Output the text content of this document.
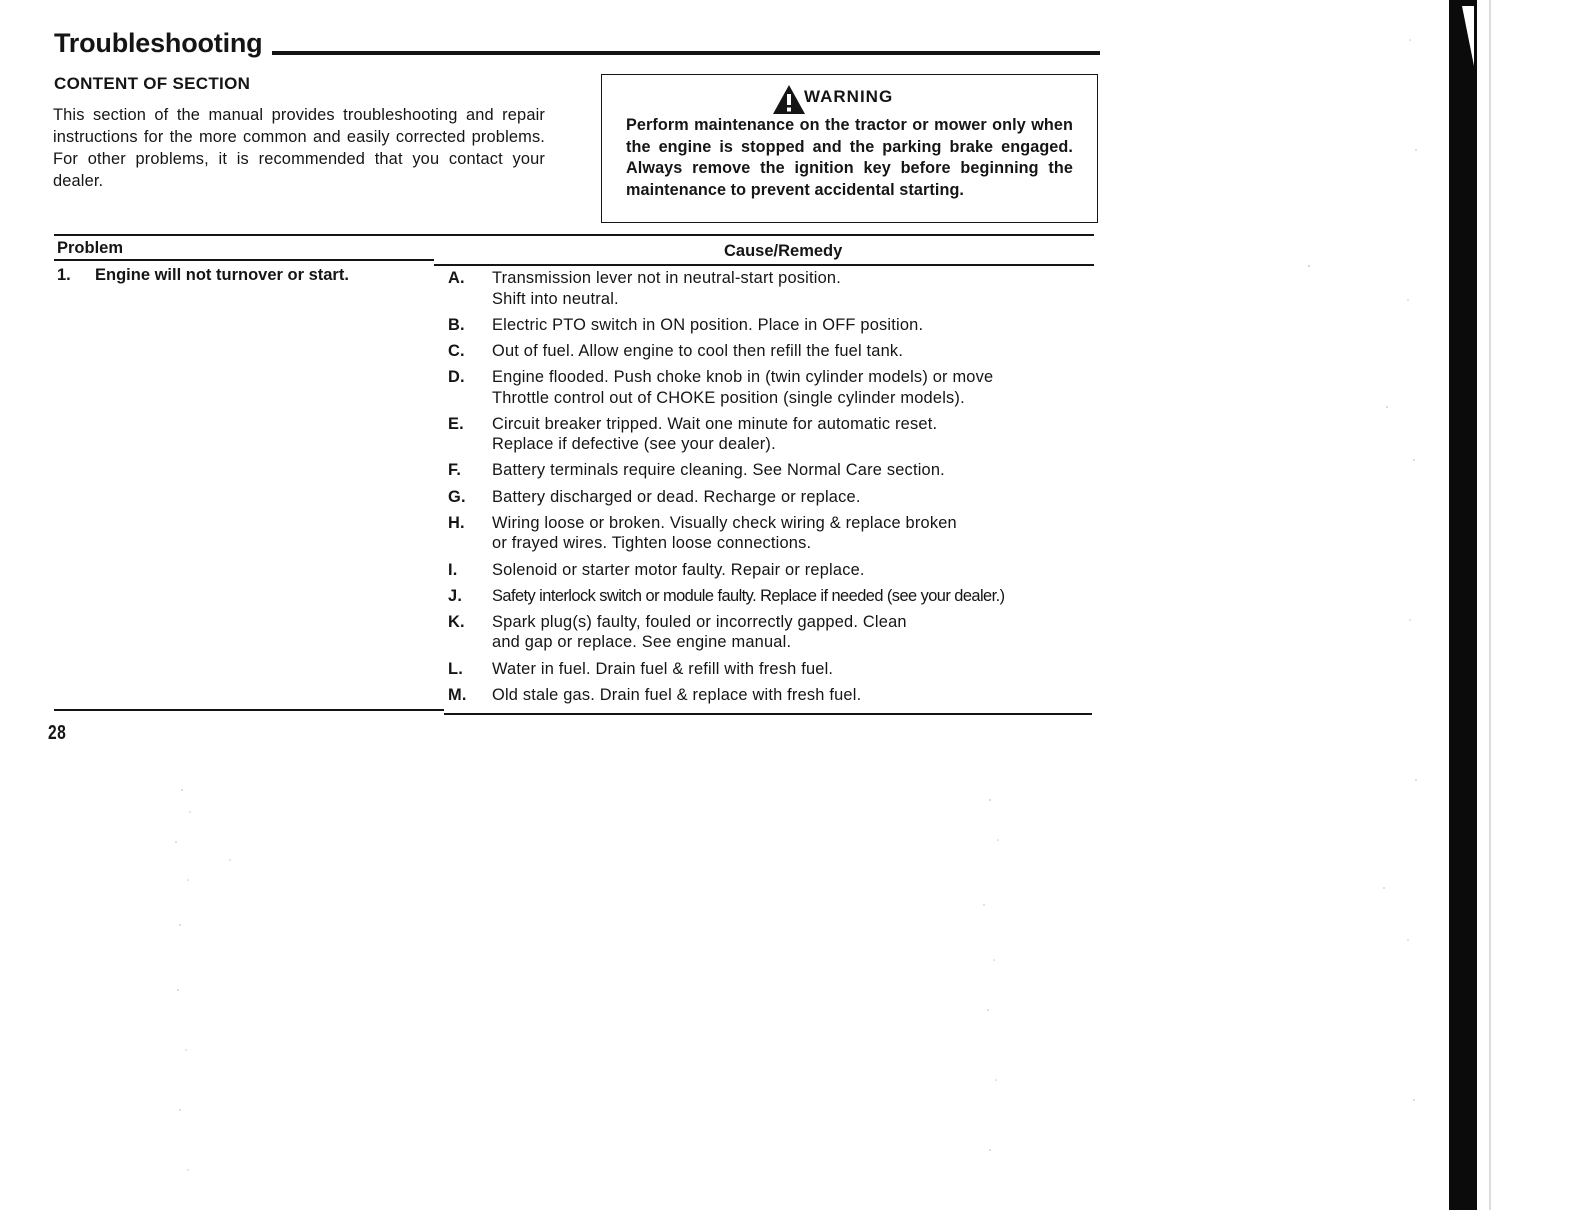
Troubleshooting
CONTENT OF SECTION
This section of the manual provides troubleshooting and repair instructions for the more common and easily corrected problems. For other problems, it is recommended that you contact your dealer.
WARNING
Perform maintenance on the tractor or mower only when the engine is stopped and the parking brake engaged. Always remove the ignition key before beginning the maintenance to prevent accidental starting.
Problem	Cause/Remedy
1.	Engine will not turnover or start.	A.	Transmission lever not in neutral-start position.
Shift into neutral.
B.	Electric PTO switch in ON position. Place in OFF position.
C.	Out of fuel. Allow engine to cool then refill the fuel tank.
D.	Engine flooded. Push choke knob in (twin cylinder models) or move
Throttle control out of CHOKE position (single cylinder models).
E.	Circuit breaker tripped. Wait one minute for automatic reset.
Replace if defective (see your dealer).
F.	Battery terminals require cleaning. See Normal Care section.
G.	Battery discharged or dead. Recharge or replace.
H.	Wiring loose or broken. Visually check wiring & replace broken
or frayed wires. Tighten loose connections.
I.	Solenoid or starter motor faulty. Repair or replace.
J.	Safety interlock switch or module faulty. Replace if needed (see your dealer.)
K.	Spark plug(s) faulty, fouled or incorrectly gapped. Clean
and gap or replace. See engine manual.
L.	Water in fuel. Drain fuel & refill with fresh fuel.
M.	Old stale gas. Drain fuel & replace with fresh fuel.
28
